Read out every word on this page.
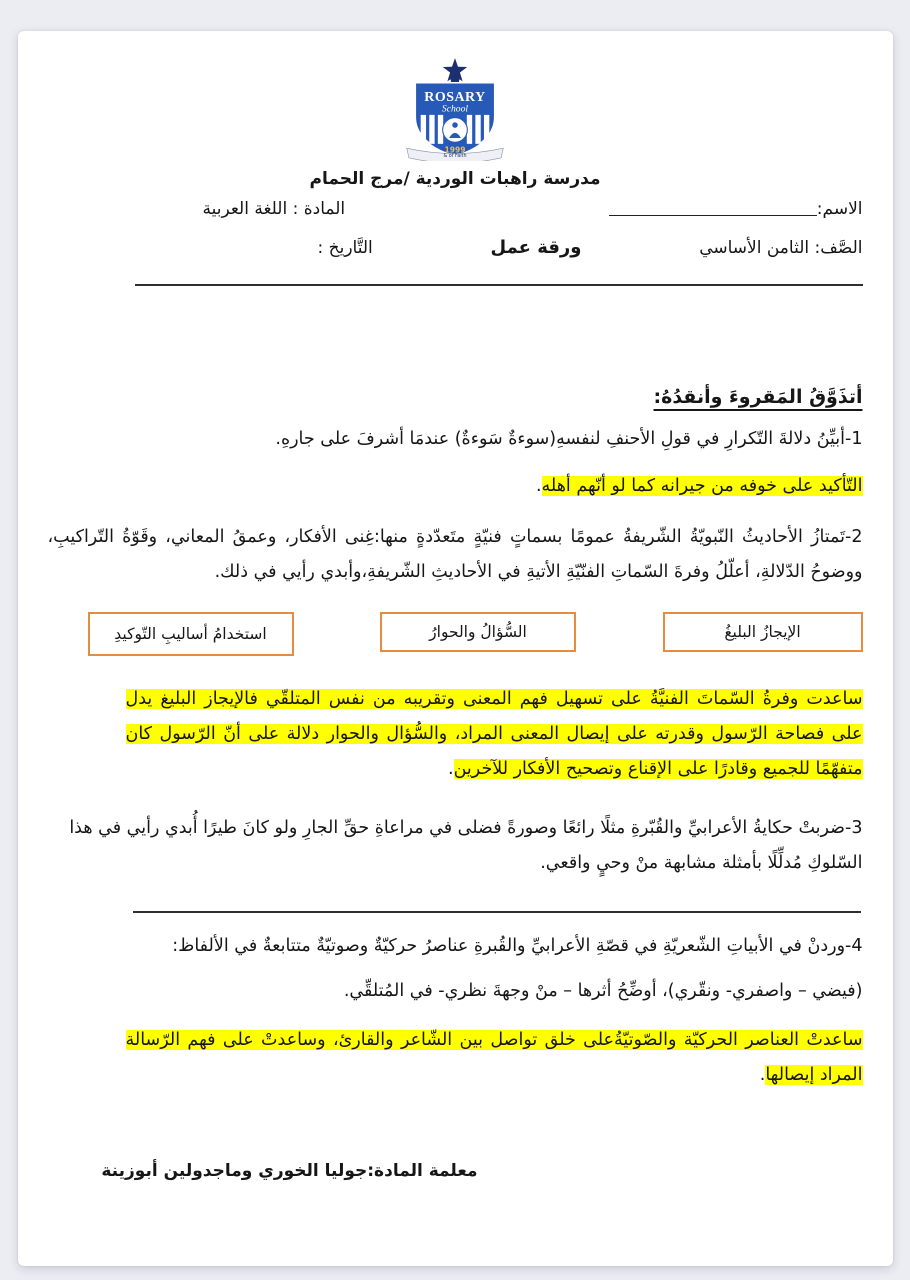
ROSARY
School
1999
of Faith &
مدرسة راهبات الوردية /مرج الحمام
الاسم:
المادة : اللغة العربية
الصَّف: الثامن الأساسي
ورقة عمل
التَّاريخ :
أتذَوَّقُ المَقروءَ وأنقدُهُ:
1-أبيِّنُ دلالةَ التّكرارِ في قولِ الأحنفِ لنفسهِ(سوءةٌ سَوءةٌ) عندمَا أشرفَ على جارهِ.
التّأكيد على خوفه من جيرانه كما لو أنّهم أهله.
2-تَمتازُ الأحاديثُ النّبويّةُ الشّريفةُ عمومًا بسماتٍ فنيّةٍ متَعدّدةٍ منها:غِنى الأفكار، وعمقُ المعاني، وقَوّةُ التّراكيبِ، ووضوحُ الدّلالةِ، أعلّلُ وفرةَ السّماتِ الفنّيّةِ الأتيةِ في الأحاديثِ الشّريفةِ،وأبدي رأيي في ذلك.
الإيجازُ البليغُ
السُّؤالُ والحوارُ
استخدامُ أساليبِ التّوكيدِ
ساعدت وفرةُ السّماتَ الفنيَّةُ على تسهيل فهم المعنى وتقريبه من نفس المتلقّي فالإيجاز البليغ يدل على فصاحة الرّسول وقدرته على إيصال المعنى المراد، والسُّؤال والحوار دلالة على أنّ الرّسول كان متفهّمًا للجميع وقادرًا على الإقناع وتصحيح الأفكار للآخرين.
3-ضربتْ حكايةُ الأعرابيِّ والقُبّرةِ مثلًا رائعًا وصورةً فضلى في مراعاةِ حقِّ الجارِ ولو كانَ طيرًا أُبدي رأيي في هذا السّلوكِ مُدلِّلًا بأمثلة مشابهة منْ وحيٍ واقعي.
4-وردنْ في الأبياتِ الشّعريّةِ في قصّةِ الأعرابيِّ والقُبرةِ عناصرُ حركيّةٌ وصوتيّةٌ متتابعةٌ في الألفاظ:
(فيضي – واصفري- ونقّري)، أوضِّحُ أثرها – منْ وجهةَ نظري- في المُتلقِّي.
ساعدتْ العناصر الحركيّة والصّوتيّةُعلى خلق تواصل بين الشّاعر والقارئ، وساعدتْ على فهم الرّسالة المراد إيصالها.
معلمة المادة:جوليا الخوري وماجدولين أبوزينة
